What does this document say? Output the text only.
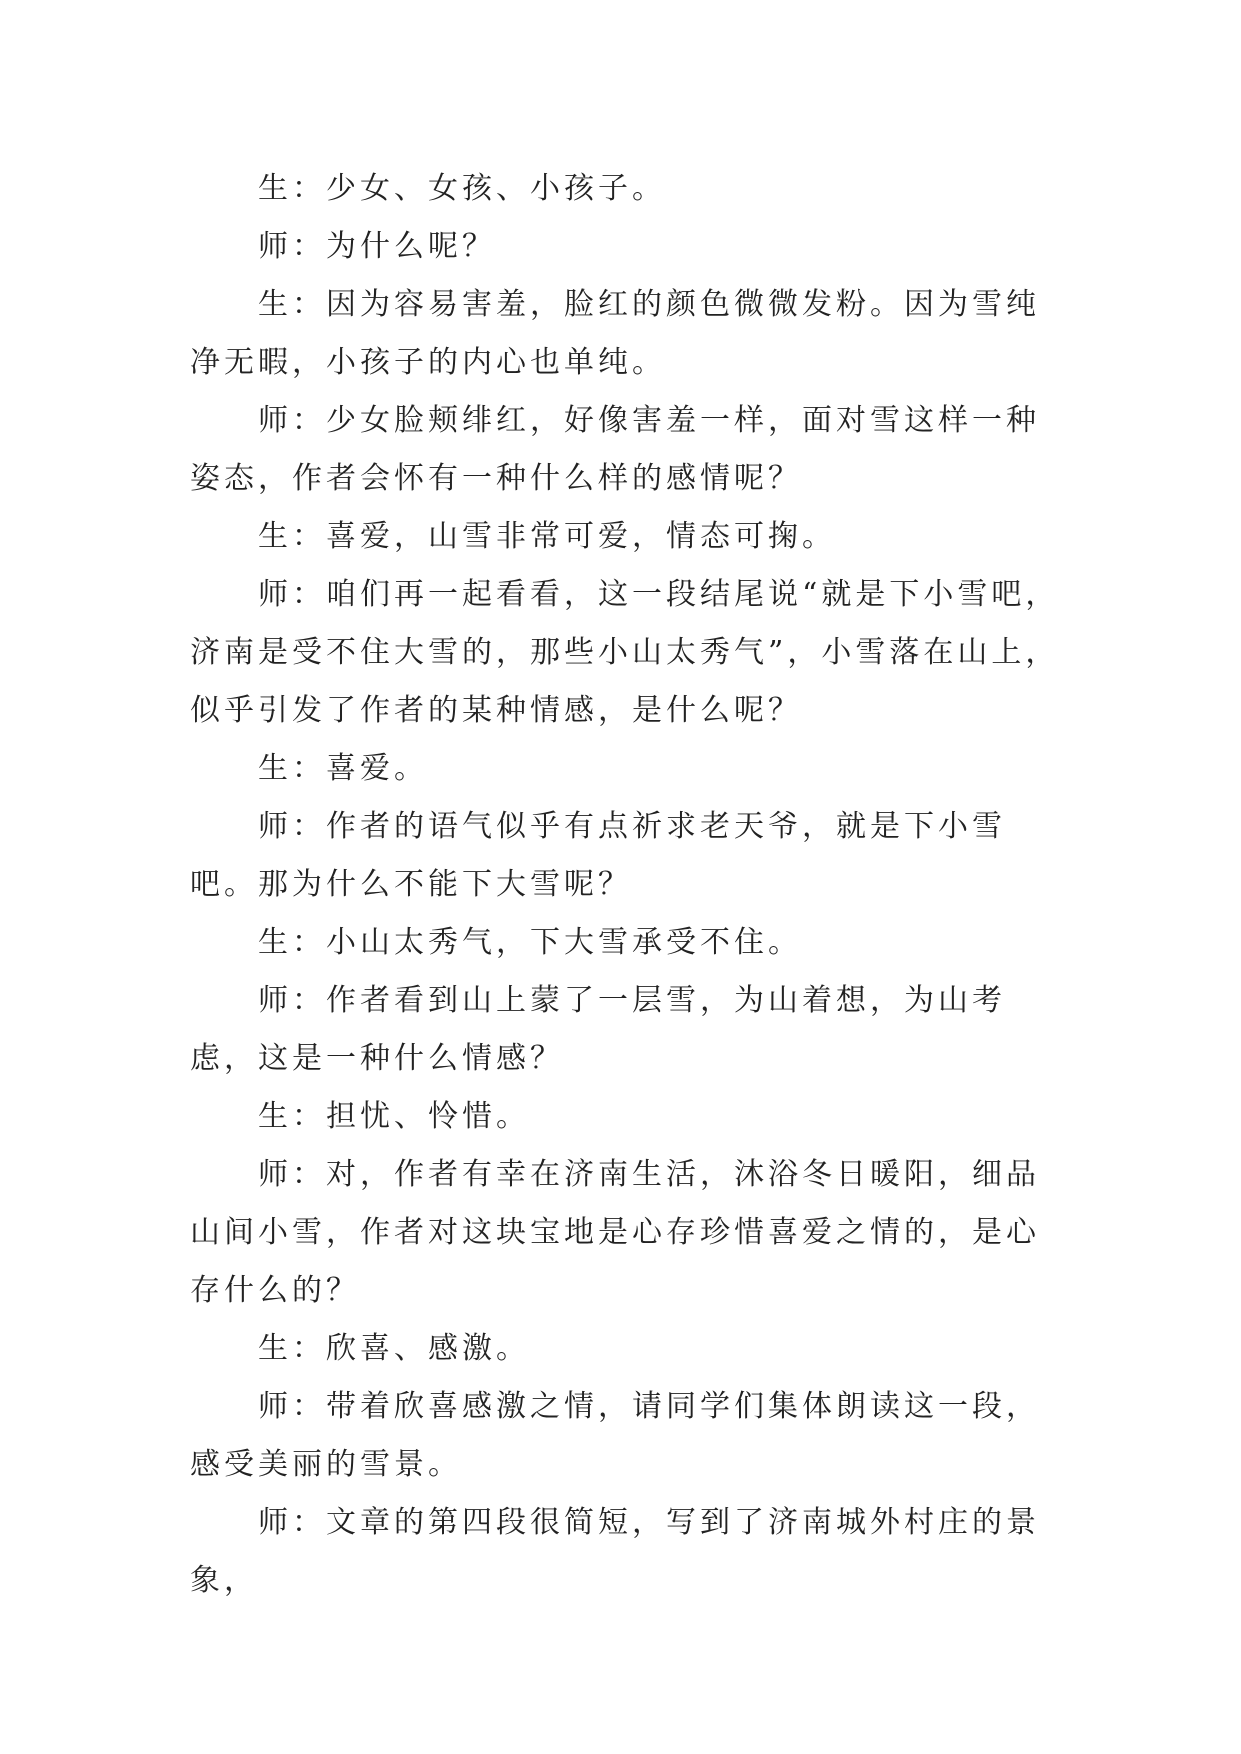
生：少女、女孩、小孩子。

师：为什么呢？

生：因为容易害羞，脸红的颜色微微发粉。因为雪纯净无暇，小孩子的内心也单纯。

师：少女脸颊绯红，好像害羞一样，面对雪这样一种姿态，作者会怀有一种什么样的感情呢？

生：喜爱，山雪非常可爱，情态可掬。

师：咱们再一起看看，这一段结尾说“就是下小雪吧，济南是受不住大雪的，那些小山太秀气”，小雪落在山上，似乎引发了作者的某种情感，是什么呢？

生：喜爱。

师：作者的语气似乎有点祈求老天爷，就是下小雪吧。那为什么不能下大雪呢？

生：小山太秀气，下大雪承受不住。

师：作者看到山上蒙了一层雪，为山着想，为山考虑，这是一种什么情感？

生：担忧、怜惜。

师：对，作者有幸在济南生活，沐浴冬日暖阳，细品山间小雪，作者对这块宝地是心存珍惜喜爱之情的，是心存什么的？

生：欣喜、感激。

师：带着欣喜感激之情，请同学们集体朗读这一段，感受美丽的雪景。

师：文章的第四段很简短，写到了济南城外村庄的景象，
